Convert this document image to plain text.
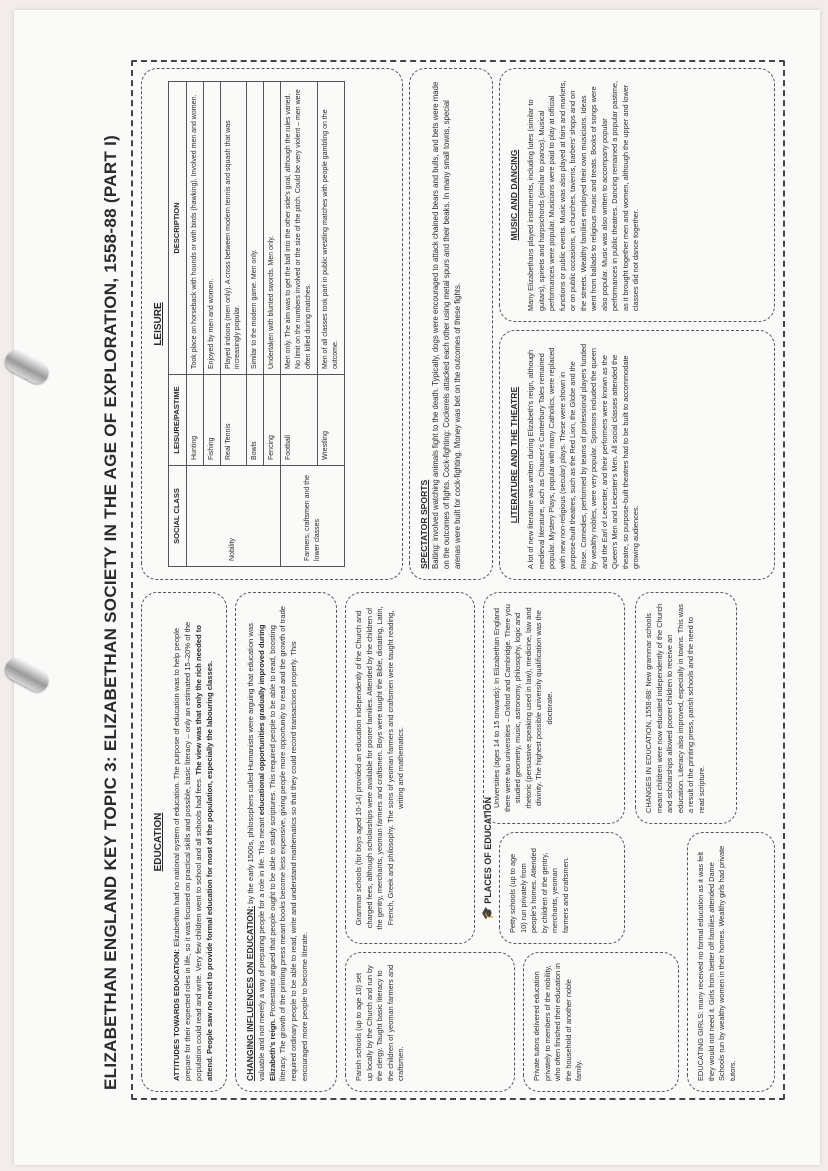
ELIZABETHAN ENGLAND KEY TOPIC 3: ELIZABETHAN SOCIETY IN THE AGE OF EXPLORATION, 1558-88 (PART I)	EDUCATION

ATTITUDES TOWARDS EDUCATION: Elizabethan had no national system of education. The purpose of education was to help people prepare for their expected roles in life, so it was focused on practical skills and possible, basic literacy – only an estimated 15–20% of the population could read and write. Very few children went to school and all schools had fees. The view was that only the rich needed to attend. People saw no need to provide formal education for most of the population, especially the labouring classes.	CHANGING INFLUENCES ON EDUCATION: by the early 1500s, philosophers called Humanists were arguing that education was valuable and not merely a way of preparing people for a role in life. This meant educational opportunities gradually improved during Elizabeth's reign. Protestants argued that people ought to be able to study scriptures. This required people to be able to read, boosting literacy. The growth of the printing press meant books become less expensive, giving people more opportunity to read and the growth of trade required ordinary people to be able to read, write and understand mathematics so that they could record transactions properly. This encouraged more people to become literate.	Parish schools (up to age 10) set up locally by the Church and run by the clergy. Taught basic literacy to the children of yeoman farmers and craftsmen.

Grammar schools (for boys aged 10-14) provided an education independently of the Church and charged fees, although scholarships were available for poorer families. Attended by the children of the gentry, merchants, yeoman farmers and craftsmen. Boys were taught the Bible, dictating, Latin, French, Greek and philosophy. The sons of yeoman farmers and craftsmen were taught reading, writing and mathematics.

🎓 PLACES OF EDUCATION	Petty schools (up to age 10) run privately from people's homes. Attended by children of the gentry, merchants, yeoman farmers and craftsmen.

Universities (ages 14 to 15 onwards): In Elizabethan England there were two universities – Oxford and Cambridge. There you studied geometry, music, astronomy, philosophy, logic and rhetoric (persuasive speaking used in law), medicine, law and divinity. The highest possible university qualification was the doctorate.

Private tutors delivered education privately to members of the nobility, who often finished their education in the household of another noble family.

CHANGES IN EDUCATION, 1558-88: New grammar schools meant children were now educated independently of the Church and scholarships allowed poorer children to receive an education. Literacy also improved, especially in towns. This was a result of the printing press, parish schools and the need to read scripture.

EDUCATING GIRLS: many received no formal education as it was felt they would not need it. Girls from better off families attended Dame Schools run by wealthy women in their homes. Wealthy girls had private tutors.

LEISURE
SOCIAL CLASS	LEISURE/PASTIME	DESCRIPTION
Nobility	Hunting	Took place on horseback with hounds or with birds (hawking). Involved men and women.
	Fishing	Enjoyed by men and women.
	Real Tennis	Played indoors (men only). A cross between modern tennis and squash that was increasingly popular.
	Bowls	Similar to the modern game. Men only.
	Fencing	Undertaken with blunted swords. Men only.
Farmers, craftsmen and the lower classes	Football	Men only. The aim was to get the ball into the other side's goal, although the rules varied. No limit on the numbers involved or the size of the pitch. Could be very violent – men were often killed during matches.
	Wrestling	Men of all classes took part in public wrestling matches with people gambling on the outcome.
SPECTATOR SPORTS Baiting: involved watching animals fight to the death. Typically, dogs were encouraged to attack chained bears and bulls, and bets were made on the outcomes of fights. Cock-fighting: Cockerels attacked each other using metal spurs and their beaks. In many small towns, special arenas were built for cock-fighting. Money was bet on the outcomes of these fights.	LITERATURE AND THE THEATRE A lot of new literature was written during Elizabeth's reign, although medieval literature, such as Chaucer's Canterbury Tales remained popular. Mystery Plays, popular with many Catholics, were replaced with new non-religious (secular) plays. These were shown in purpose-built theatres, such as the Red Lion, the Globe and the Rose. Comedies, performed by teams of professional players funded by wealthy nobles, were very popular. Sponsors included the queen and the Earl of Leicester, and their performers were known as the Queen's Men and Leicester's Men. All social classes attended the theatre, so purpose-built theatres had to be built to accommodate growing audiences.

MUSIC AND DANCING Many Elizabethans played instruments, including lutes (similar to guitars), spinets and harpsichords (similar to pianos). Musical performances were popular. Musicians were paid to play at official functions or public events. Music was also played at fairs and markets, or on public occasions, in churches, taverns, barbers' shops and on the streets. Wealthy families employed their own musicians. Ideas went from ballads to religious music and treats. Books of songs were also popular. Music was also written to accompany popular performances in public theatres. Dancing remained a popular pastime, as it brought together men and women, although the upper and lower classes did not dance together.
